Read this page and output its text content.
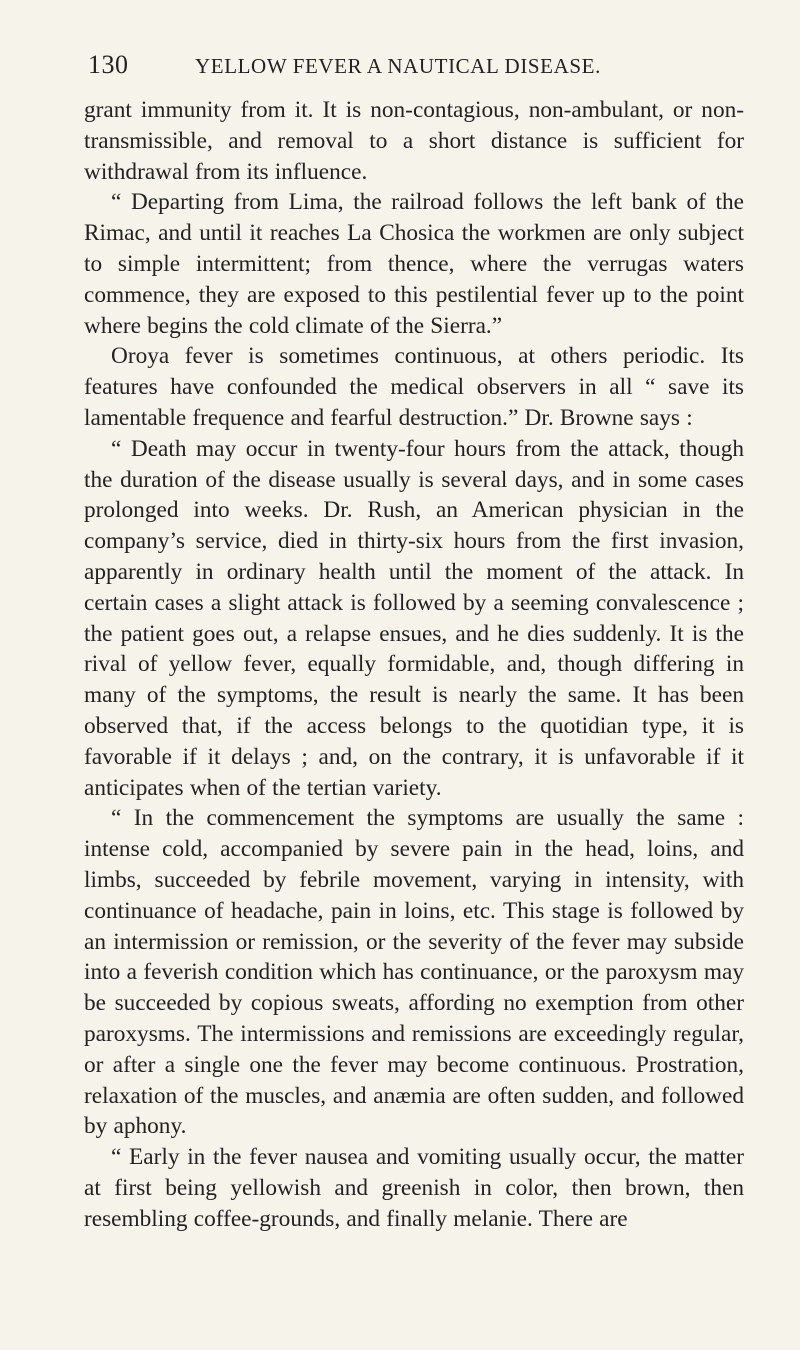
130	YELLOW FEVER A NAUTICAL DISEASE.

grant immunity from it. It is non-contagious, non-ambulant, or non-transmissible, and removal to a short distance is sufficient for withdrawal from its influence.

“ Departing from Lima, the railroad follows the left bank of the Rimac, and until it reaches La Chosica the workmen are only subject to simple intermittent; from thence, where the verrugas waters commence, they are exposed to this pestilential fever up to the point where begins the cold climate of the Sierra.”

Oroya fever is sometimes continuous, at others periodic. Its features have confounded the medical observers in all “ save its lamentable frequence and fearful destruction.” Dr. Browne says :

“ Death may occur in twenty-four hours from the attack, though the duration of the disease usually is several days, and in some cases prolonged into weeks. Dr. Rush, an American physician in the company’s service, died in thirty-six hours from the first invasion, apparently in ordinary health until the moment of the attack. In certain cases a slight attack is followed by a seeming convalescence ; the patient goes out, a relapse ensues, and he dies suddenly. It is the rival of yellow fever, equally formidable, and, though differing in many of the symptoms, the result is nearly the same. It has been observed that, if the access belongs to the quotidian type, it is favorable if it delays ; and, on the contrary, it is unfavorable if it anticipates when of the tertian variety.

“ In the commencement the symptoms are usually the same : intense cold, accompanied by severe pain in the head, loins, and limbs, succeeded by febrile movement, varying in intensity, with continuance of headache, pain in loins, etc. This stage is followed by an intermission or remission, or the severity of the fever may subside into a feverish condition which has continuance, or the paroxysm may be succeeded by copious sweats, affording no exemption from other paroxysms. The intermissions and remissions are exceedingly regular, or after a single one the fever may become continuous. Prostration, relaxation of the muscles, and anæmia are often sudden, and followed by aphony.

“ Early in the fever nausea and vomiting usually occur, the matter at first being yellowish and greenish in color, then brown, then resembling coffee-grounds, and finally melanie. There are
